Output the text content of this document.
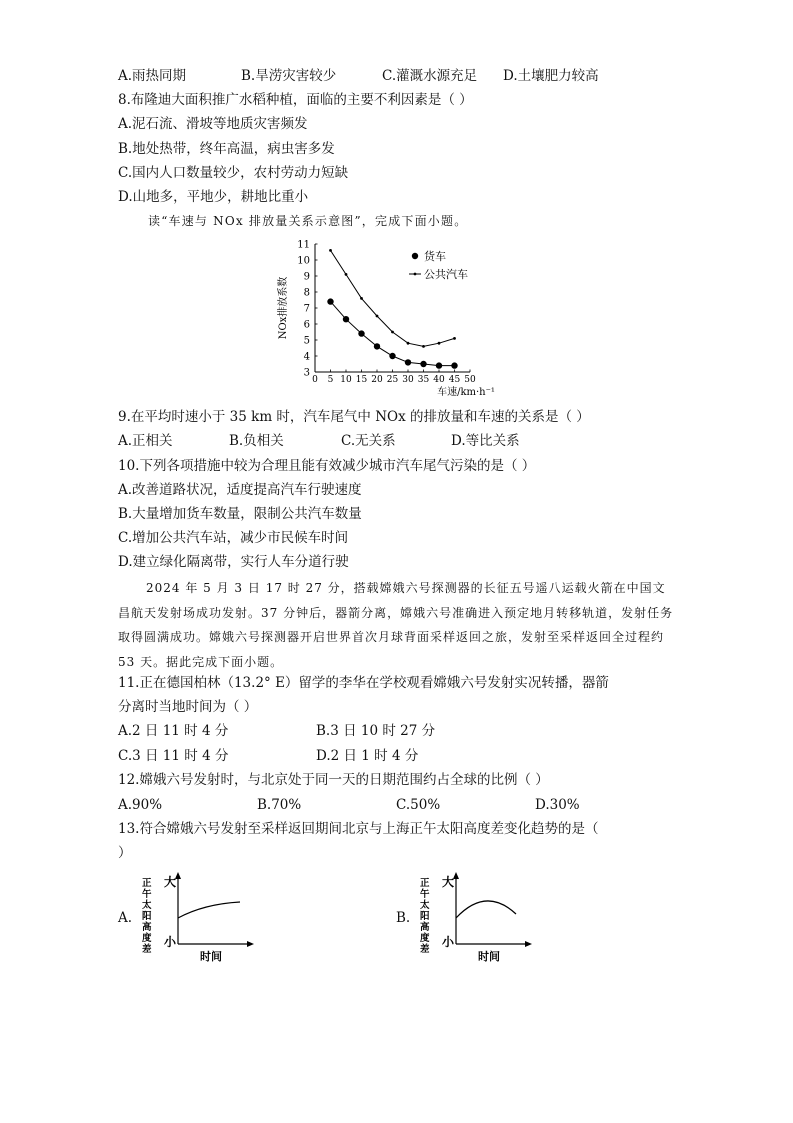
A.雨热同期	B.旱涝灾害较少	C.灌溉水源充足 D.土壤肥力较高
8.布隆迪大面积推广水稻种植，面临的主要不利因素是（ ）
A.泥石流、滑坡等地质灾害频发
B.地处热带，终年高温，病虫害多发
C.国内人口数量较少，农村劳动力短缺
D.山地多，平地少，耕地比重小
读“车速与 NOx 排放量关系示意图”，完成下面小题。
0 5 10 15 20 25 30 35 40 45 50
3
4
5
6
7
8
9
10
11
NOx排放系数
车速/km·h⁻¹
货车
公共汽车
9.在平均时速小于 35 km 时，汽车尾气中 NOx 的排放量和车速的关系是（ ）
A.正相关	B.负相关	C.无关系	D.等比关系
10.下列各项措施中较为合理且能有效减少城市汽车尾气污染的是（ ）
A.改善道路状况，适度提高汽车行驶速度
B.大量增加货车数量，限制公共汽车数量
C.增加公共汽车站，减少市民候车时间
D.建立绿化隔离带，实行人车分道行驶
2024 年 5 月 3 日 17 时 27 分，搭载嫦娥六号探测器的长征五号遥八运载火箭在中国文昌航天发射场成功发射。37 分钟后，器箭分离，嫦娥六号准确进入预定地月转移轨道，发射任务取得圆满成功。嫦娥六号探测器开启世界首次月球背面采样返回之旅，发射至采样返回全过程约 53 天。据此完成下面小题。
11.正在德国柏林（13.2° E）留学的李华在学校观看嫦娥六号发射实况转播，器箭
分离时当地时间为（ ）
A.2 日 11 时 4 分	B.3 日 10 时 27 分
C.3 日 11 时 4 分	D.2 日 1 时 4 分
12.嫦娥六号发射时，与北京处于同一天的日期范围约占全球的比例（ ）
A.90%	B.70%	C.50%	D.30%
13.符合嫦娥六号发射至采样返回期间北京与上海正午太阳高度差变化趋势的是（
）
A.
正
午
太
阳
高
度
差
大
小
时间
B.
正
午
太
阳
高
度
差
大
小
时间
